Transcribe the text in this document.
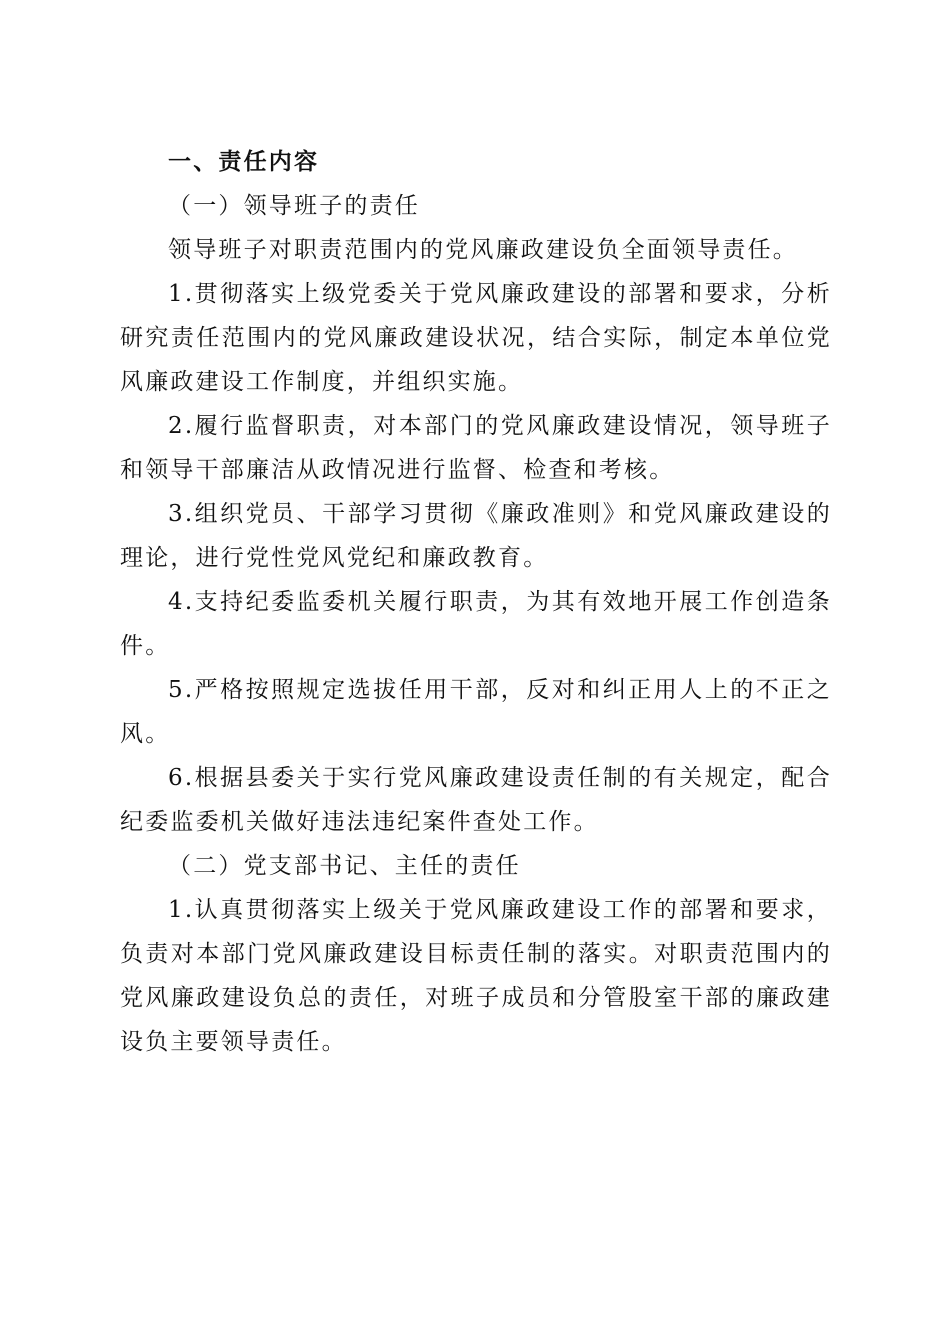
一、责任内容
（一）领导班子的责任

领导班子对职责范围内的党风廉政建设负全面领导责任。

1.贯彻落实上级党委关于党风廉政建设的部署和要求，分析研究责任范围内的党风廉政建设状况，结合实际，制定本单位党风廉政建设工作制度，并组织实施。

2.履行监督职责，对本部门的党风廉政建设情况，领导班子和领导干部廉洁从政情况进行监督、检查和考核。

3.组织党员、干部学习贯彻《廉政准则》和党风廉政建设的理论，进行党性党风党纪和廉政教育。

4.支持纪委监委机关履行职责，为其有效地开展工作创造条件。

5.严格按照规定选拔任用干部，反对和纠正用人上的不正之风。

6.根据县委关于实行党风廉政建设责任制的有关规定，配合纪委监委机关做好违法违纪案件查处工作。

（二）党支部书记、主任的责任

1.认真贯彻落实上级关于党风廉政建设工作的部署和要求，负责对本部门党风廉政建设目标责任制的落实。对职责范围内的党风廉政建设负总的责任，对班子成员和分管股室干部的廉政建设负主要领导责任。
